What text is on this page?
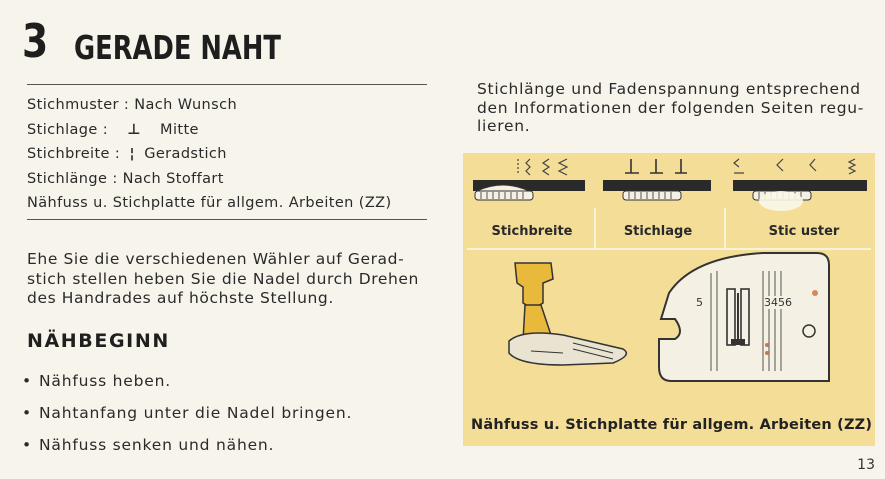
3 GERADE NAHT
Stichmuster : Nach Wunsch
Stichlage : ⊥ Mitte
Stichbreite : ¦ Geradstich
Stichlänge : Nach Stoffart
Nähfuss u. Stichplatte für allgem. Arbeiten (ZZ)
Ehe Sie die verschiedenen Wähler auf Gerad-
stich stellen heben Sie die Nadel durch Drehen
des Handrades auf höchste Stellung.
NÄHBEGINN
• Nähfuss heben.
• Nahtanfang unter die Nadel bringen.
• Nähfuss senken und nähen.
Stichlänge und Fadenspannung entsprechend
den Informationen der folgenden Seiten regu-
lieren.
Stichbreite	Stichlage	Stic uster
5	3456
Nähfuss u. Stichplatte für allgem. Arbeiten (ZZ)
13
